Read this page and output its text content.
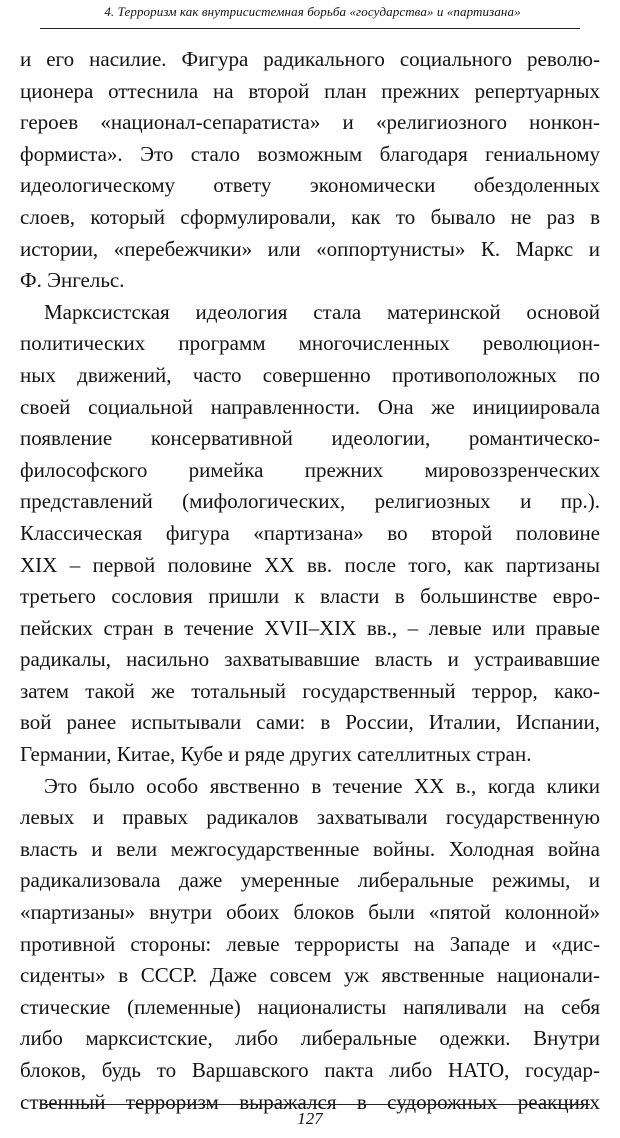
4. Терроризм как внутрисистемная борьба «государства» и «партизана»
и его насилие. Фигура радикального социального револю-
ционера оттеснила на второй план прежних репертуарных
героев «национал-сепаратиста» и «религиозного нонкон-
формиста». Это стало возможным благодаря гениальному
идеологическому ответу экономически обездоленных
слоев, который сформулировали, как то бывало не раз в
истории, «перебежчики» или «оппортунисты» К. Маркс и
Ф. Энгельс.
Марксистская идеология стала материнской основой
политических программ многочисленных революцион-
ных движений, часто совершенно противоположных по
своей социальной направленности. Она же инициировала
появление консервативной идеологии, романтическо-
философского римейка прежних мировоззренческих
представлений (мифологических, религиозных и пр.).
Классическая фигура «партизана» во второй половине
XIX – первой половине XX вв. после того, как партизаны
третьего сословия пришли к власти в большинстве евро-
пейских стран в течение XVII–XIX вв., – левые или правые
радикалы, насильно захватывавшие власть и устраивавшие
затем такой же тотальный государственный террор, како-
вой ранее испытывали сами: в России, Италии, Испании,
Германии, Китае, Кубе и ряде других сателлитных стран.
Это было особо явственно в течение XX в., когда клики
левых и правых радикалов захватывали государственную
власть и вели межгосударственные войны. Холодная война
радикализовала даже умеренные либеральные режимы, и
«партизаны» внутри обоих блоков были «пятой колонной»
противной стороны: левые террористы на Западе и «дис-
сиденты» в СССР. Даже совсем уж явственные национали-
стические (племенные) националисты напяливали на себя
либо марксистские, либо либеральные одежки. Внутри
блоков, будь то Варшавского пакта либо НАТО, государ-
ственный терроризм выражался в судорожных реакциях
127
